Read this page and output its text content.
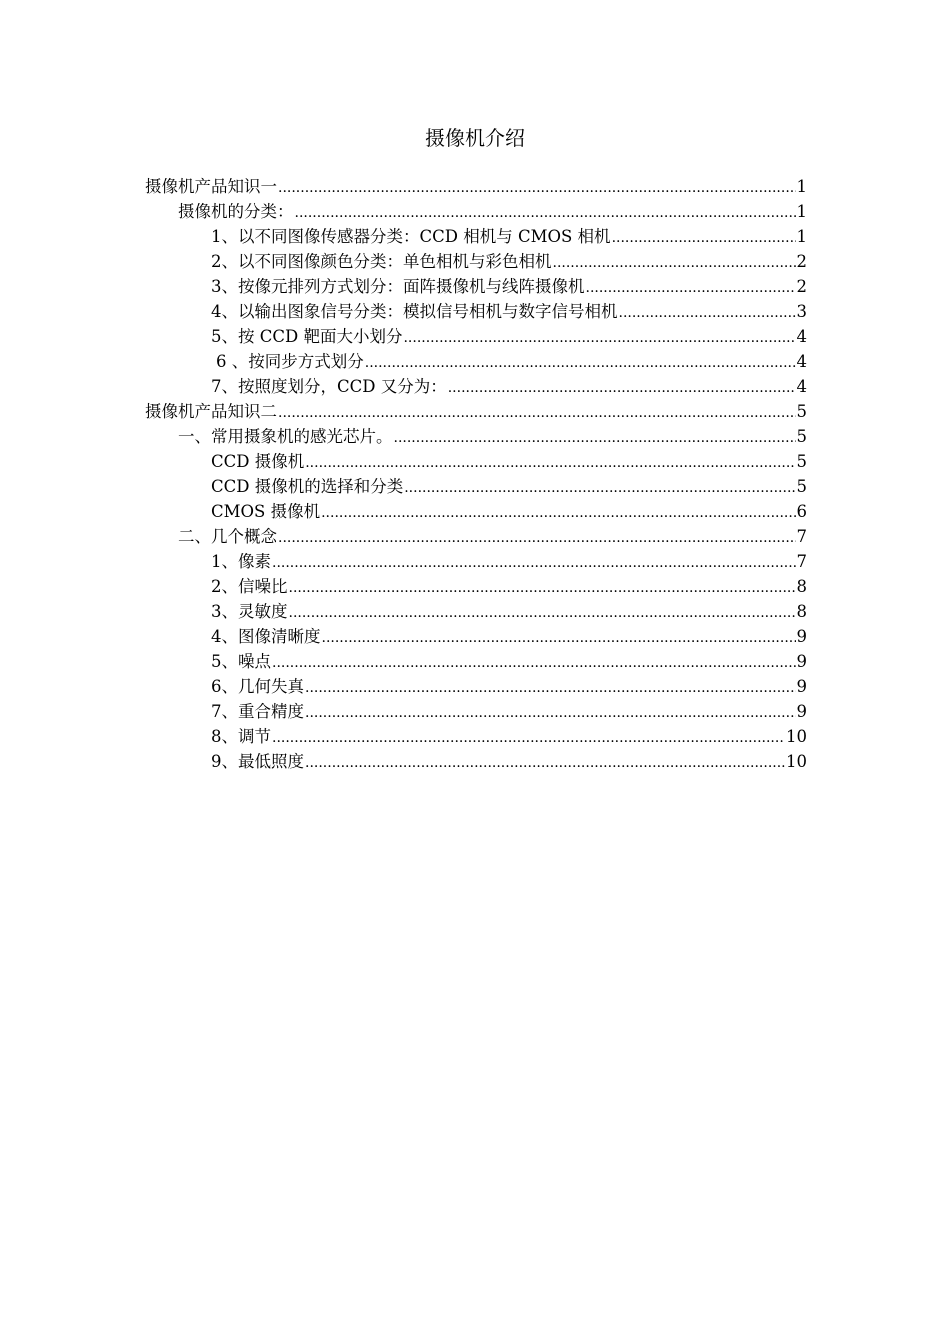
摄像机介绍
摄像机产品知识一 .....	1
摄像机的分类： .....	1
1、以不同图像传感器分类：CCD 相机与 CMOS 相机 .....	1
2、以不同图像颜色分类：单色相机与彩色相机 .....	2
3、按像元排列方式划分：面阵摄像机与线阵摄像机 .....	2
4、以输出图象信号分类：模拟信号相机与数字信号相机 .....	3
5、按 CCD 靶面大小划分 .....	4
6 、按同步方式划分 .....	4
7、按照度划分，CCD 又分为： .....	4
摄像机产品知识二 .....	5
一、常用摄象机的感光芯片。 .....	5
CCD 摄像机 .....	5
CCD 摄像机的选择和分类 .....	5
CMOS 摄像机 .....	6
二、几个概念 .....	7
1、像素 .....	7
2、信噪比 .....	8
3、灵敏度 .....	8
4、图像清晰度 .....	9
5、噪点 .....	9
6、几何失真 .....	9
7、重合精度 .....	9
8、调节 .....	10
9、最低照度 .....	10
